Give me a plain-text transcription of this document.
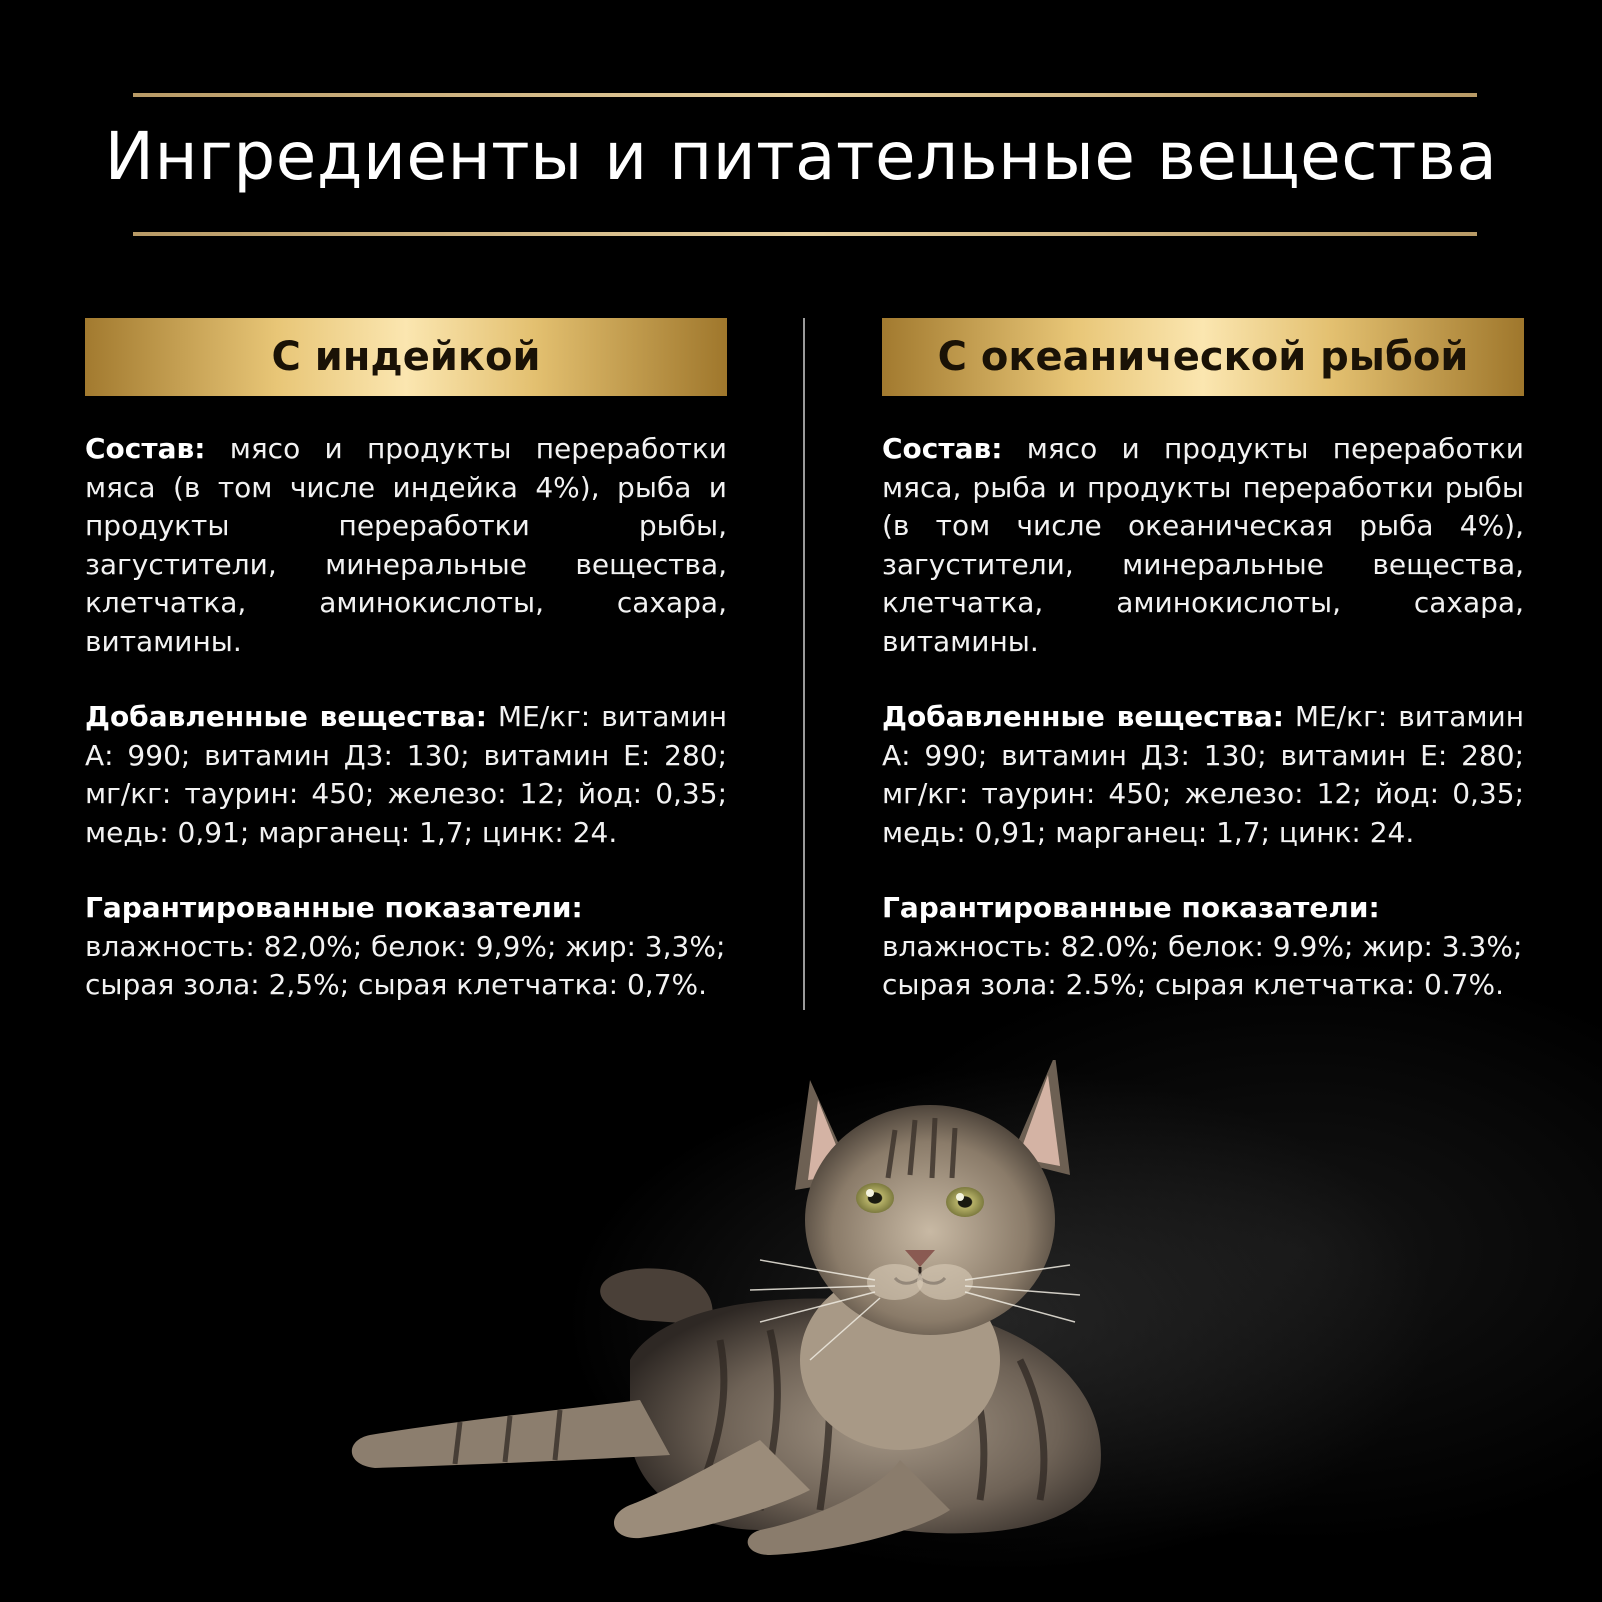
Ингредиенты и питательные вещества
С индейкой

Состав: мясо и продукты переработки мяса (в том числе индейка 4%), рыба и продукты переработки рыбы, загустители, минеральные вещества, клетчатка, аминокислоты, сахара, витамины.

Добавленные вещества: МЕ/кг: витамин А: 990; витамин Д3: 130; витамин Е: 280; мг/кг: таурин: 450; железо: 12; йод: 0,35; медь: 0,91; марганец: 1,7; цинк: 24.

Гарантированные показатели:
влажность: 82,0%; белок: 9,9%; жир: 3,3%;
сырая зола: 2,5%; сырая клетчатка: 0,7%.
С океанической рыбой

Состав: мясо и продукты переработки мяса, рыба и продукты переработки рыбы (в том числе океаническая рыба 4%), загустители, минеральные вещества, клетчатка, аминокислоты, сахара, витамины.

Добавленные вещества: МЕ/кг: витамин А: 990; витамин Д3: 130; витамин Е: 280; мг/кг: таурин: 450; железо: 12; йод: 0,35; медь: 0,91; марганец: 1,7; цинк: 24.

Гарантированные показатели:
влажность: 82.0%; белок: 9.9%; жир: 3.3%;
сырая зола: 2.5%; сырая клетчатка: 0.7%.
